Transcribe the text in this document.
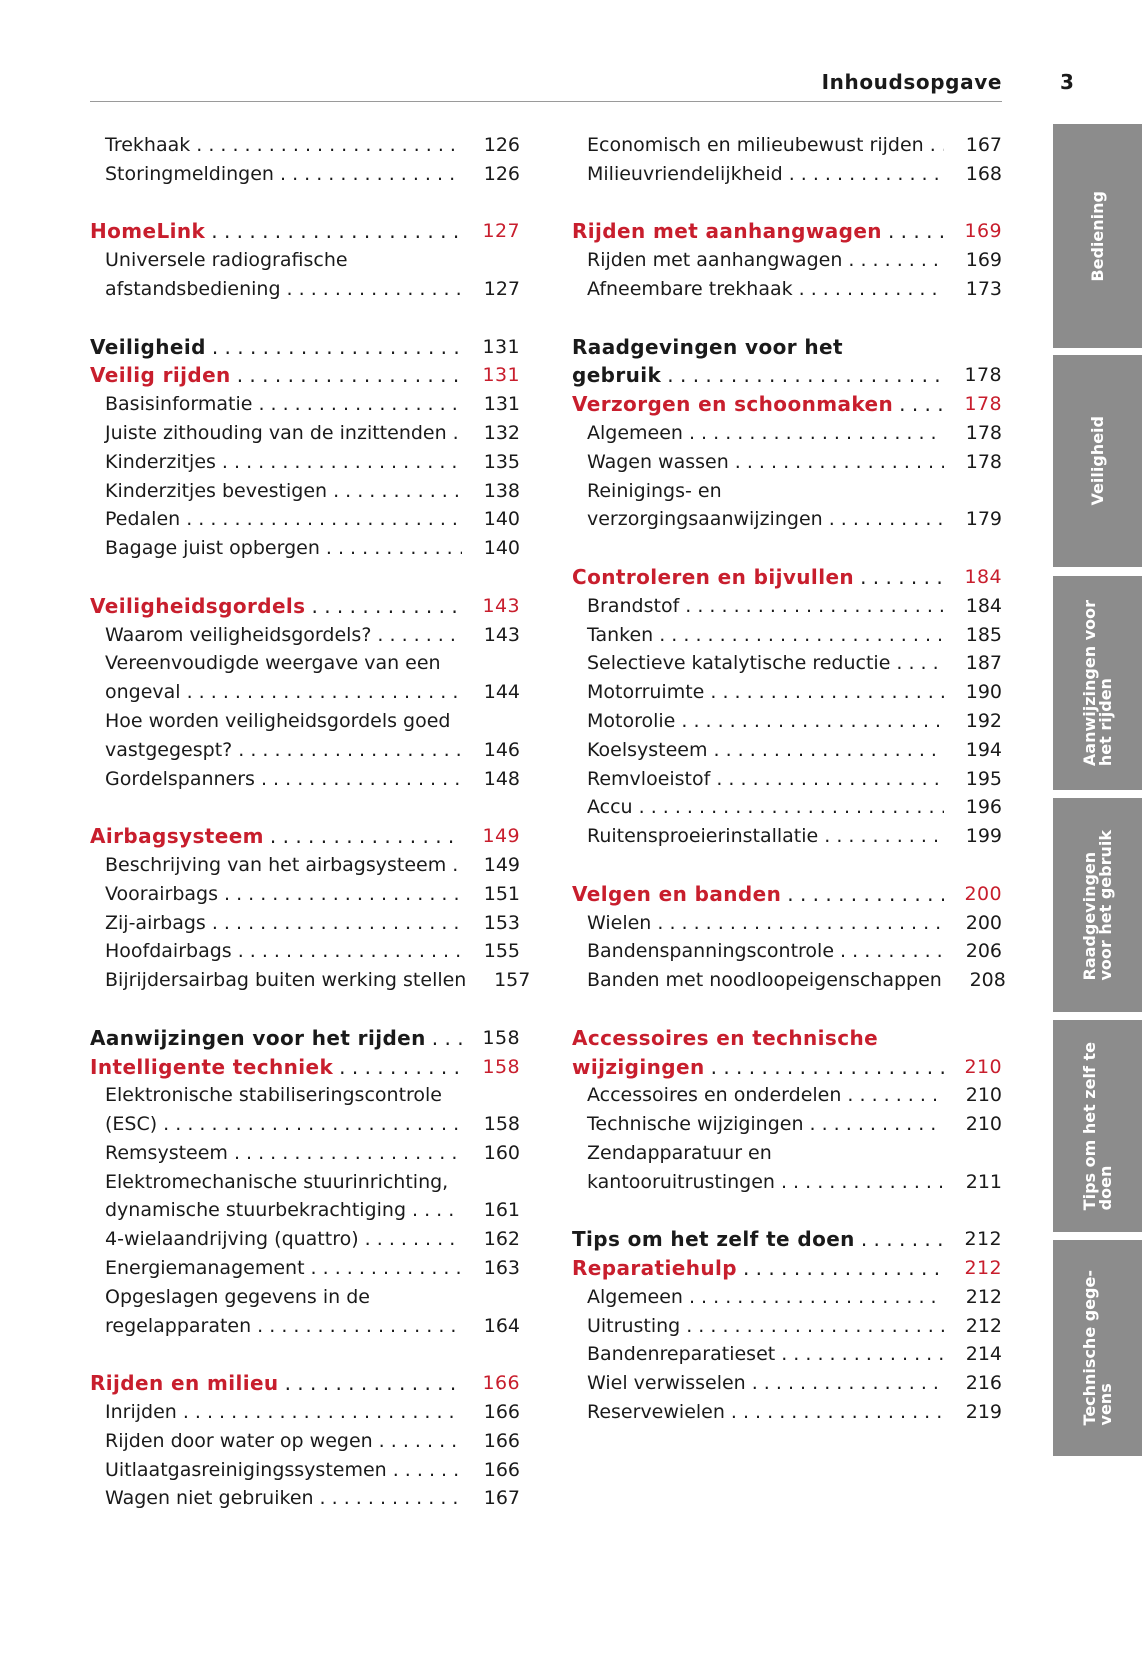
Inhoudsopgave	3
Trekhaak . . .	126
Storingmeldingen . . .	126
HomeLink . . .	127
Universele radiografische
afstandsbediening . . .	127
Veiligheid . . .	131
Veilig rijden . . .	131
Basisinformatie . . .	131
Juiste zithouding van de inzittenden . . .	132
Kinderzitjes . . .	135
Kinderzitjes bevestigen . . .	138
Pedalen . . .	140
Bagage juist opbergen . . .	140
Veiligheidsgordels . . .	143
Waarom veiligheidsgordels? . . .	143
Vereenvoudigde weergave van een
ongeval . . .	144
Hoe worden veiligheidsgordels goed
vastgegespt? . . .	146
Gordelspanners . . .	148
Airbagsysteem . . .	149
Beschrijving van het airbagsysteem . . .	149
Voorairbags . . .	151
Zij-airbags . . .	153
Hoofdairbags . . .	155
Bijrijdersairbag buiten werking stellen	157
Aanwijzingen voor het rijden . . .	158
Intelligente techniek . . .	158
Elektronische stabiliseringscontrole
(ESC) . . .	158
Remsysteem . . .	160
Elektromechanische stuurinrichting,
dynamische stuurbekrachtiging . . .	161
4-wielaandrijving (quattro) . . .	162
Energiemanagement . . .	163
Opgeslagen gegevens in de
regelapparaten . . .	164
Rijden en milieu . . .	166
Inrijden . . .	166
Rijden door water op wegen . . .	166
Uitlaatgasreinigingssystemen . . .	166
Wagen niet gebruiken . . .	167
Economisch en milieubewust rijden . . .	167
Milieuvriendelijkheid . . .	168
Rijden met aanhangwagen . . .	169
Rijden met aanhangwagen . . .	169
Afneembare trekhaak . . .	173
Raadgevingen voor het
gebruik . . .	178
Verzorgen en schoonmaken . . .	178
Algemeen . . .	178
Wagen wassen . . .	178
Reinigings- en
verzorgingsaanwijzingen . . .	179
Controleren en bijvullen . . .	184
Brandstof . . .	184
Tanken . . .	185
Selectieve katalytische reductie . . .	187
Motorruimte . . .	190
Motorolie . . .	192
Koelsysteem . . .	194
Remvloeistof . . .	195
Accu . . .	196
Ruitensproeierinstallatie . . .	199
Velgen en banden . . .	200
Wielen . . .	200
Bandenspanningscontrole . . .	206
Banden met noodloopeigenschappen	208
Accessoires en technische
wijzigingen . . .	210
Accessoires en onderdelen . . .	210
Technische wijzigingen . . .	210
Zendapparatuur en
kantooruitrustingen . . .	211
Tips om het zelf te doen . . .	212
Reparatiehulp . . .	212
Algemeen . . .	212
Uitrusting . . .	212
Bandenreparatieset . . .	214
Wiel verwisselen . . .	216
Reservewielen . . .	219
Bediening
Veiligheid
Aanwijzingen voor
het rijden
Raadgevingen
voor het gebruik
Tips om het zelf te
doen
Technische gege-
vens
